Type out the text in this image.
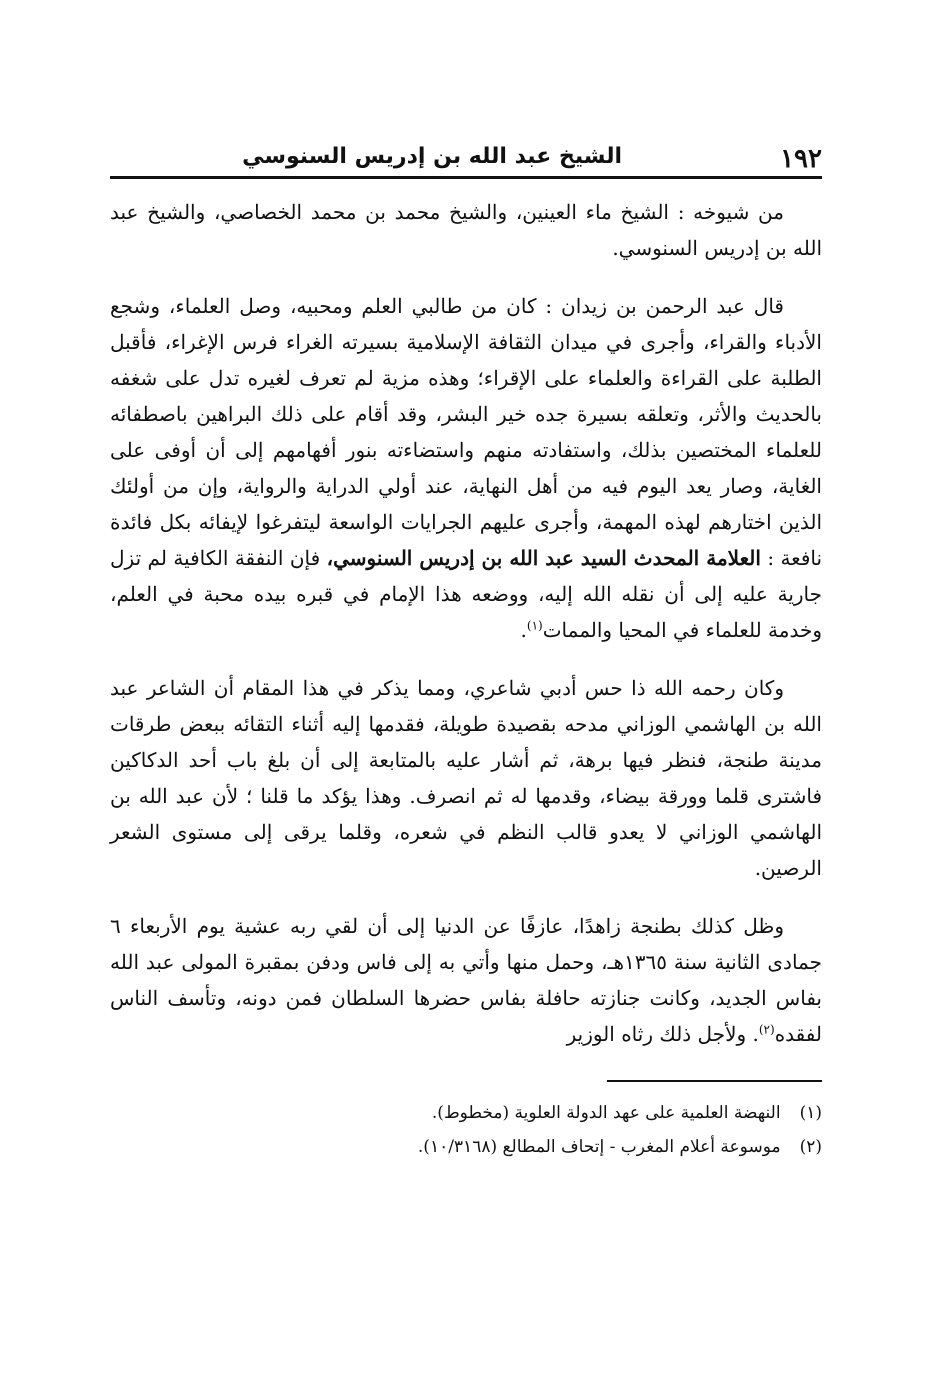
١٩٢
الشيخ عبد الله بن إدريس السنوسي

من شيوخه : الشيخ ماء العينين، والشيخ محمد بن محمد الخصاصي، والشيخ عبد الله بن إدريس السنوسي.

قال عبد الرحمن بن زيدان : كان من طالبي العلم ومحبيه، وصل العلماء، وشجع الأدباء والقراء، وأجرى في ميدان الثقافة الإسلامية بسيرته الغراء فرس الإغراء، فأقبل الطلبة على القراءة والعلماء على الإقراء؛ وهذه مزية لم تعرف لغيره تدل على شغفه بالحديث والأثر، وتعلقه بسيرة جده خير البشر، وقد أقام على ذلك البراهين باصطفائه للعلماء المختصين بذلك، واستفادته منهم واستضاءته بنور أفهامهم إلى أن أوفى على الغاية، وصار يعد اليوم فيه من أهل النهاية، عند أولي الدراية والرواية، وإن من أولئك الذين اختارهم لهذه المهمة، وأجرى عليهم الجرايات الواسعة ليتفرغوا لإيفائه بكل فائدة نافعة : العلامة المحدث السيد عبد الله بن إدريس السنوسي، فإن النفقة الكافية لم تزل جارية عليه إلى أن نقله الله إليه، ووضعه هذا الإمام في قبره بيده محبة في العلم، وخدمة للعلماء في المحيا والممات$^{(١)}$.

وكان رحمه الله ذا حس أدبي شاعري، ومما يذكر في هذا المقام أن الشاعر عبد الله بن الهاشمي الوزاني مدحه بقصيدة طويلة، فقدمها إليه أثناء التقائه ببعض طرقات مدينة طنجة، فنظر فيها برهة، ثم أشار عليه بالمتابعة إلى أن بلغ باب أحد الدكاكين فاشترى قلما وورقة بيضاء، وقدمها له ثم انصرف. وهذا يؤكد ما قلنا ؛ لأن عبد الله بن الهاشمي الوزاني لا يعدو قالب النظم في شعره، وقلما يرقى إلى مستوى الشعر الرصين.

وظل كذلك بطنجة زاهدًا، عازفًا عن الدنيا إلى أن لقي ربه عشية يوم الأربعاء ٦ جمادى الثانية سنة ١٣٦٥هـ، وحمل منها وأتي به إلى فاس ودفن بمقبرة المولى عبد الله بفاس الجديد، وكانت جنازته حافلة بفاس حضرها السلطان فمن دونه، وتأسف الناس لفقده$^{(٢)}$. ولأجل ذلك رثاه الوزير

(١) النهضة العلمية على عهد الدولة العلوية (مخطوط).
(٢) موسوعة أعلام المغرب - إتحاف المطالع (١٠/٣١٦٨).
